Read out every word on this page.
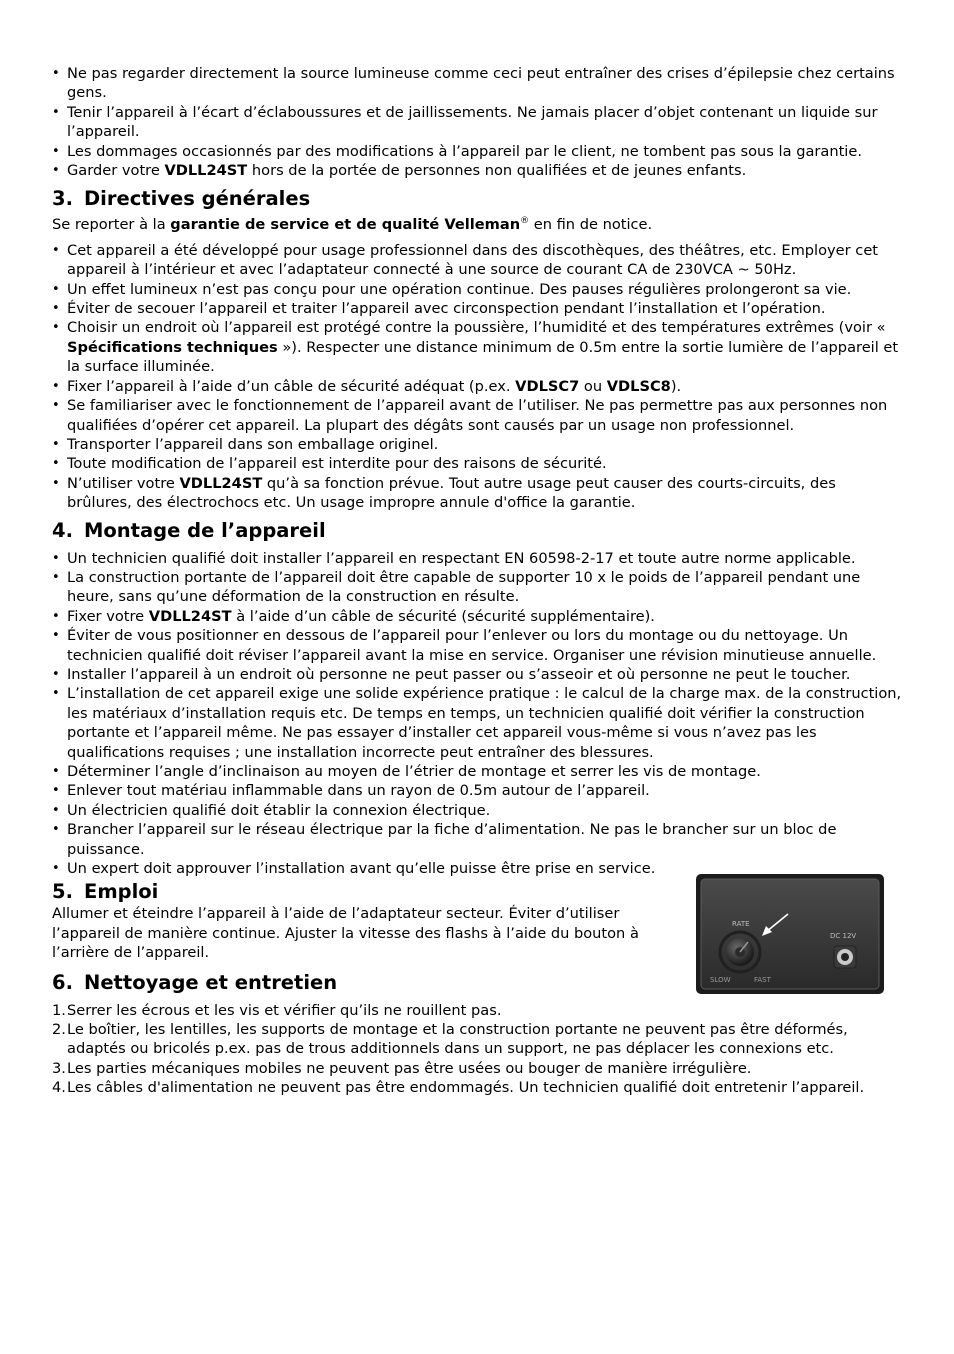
• Ne pas regarder directement la source lumineuse comme ceci peut entraîner des crises d’épilepsie chez certains gens.
• Tenir l’appareil à l’écart d’éclaboussures et de jaillissements. Ne jamais placer d’objet contenant un liquide sur l’appareil.
• Les dommages occasionnés par des modifications à l’appareil par le client, ne tombent pas sous la garantie.
• Garder votre VDLL24ST hors de la portée de personnes non qualifiées et de jeunes enfants.
3. Directives générales

Se reporter à la garantie de service et de qualité Velleman® en fin de notice.

• Cet appareil a été développé pour usage professionnel dans des discothèques, des théâtres, etc. Employer cet appareil à l’intérieur et avec l’adaptateur connecté à une source de courant CA de 230VCA ~ 50Hz.
• Un effet lumineux n’est pas conçu pour une opération continue. Des pauses régulières prolongeront sa vie.
• Éviter de secouer l’appareil et traiter l’appareil avec circonspection pendant l’installation et l’opération.
• Choisir un endroit où l’appareil est protégé contre la poussière, l’humidité et des températures extrêmes (voir « Spécifications techniques »). Respecter une distance minimum de 0.5m entre la sortie lumière de l’appareil et la surface illuminée.
• Fixer l’appareil à l’aide d’un câble de sécurité adéquat (p.ex. VDLSC7 ou VDLSC8).
• Se familiariser avec le fonctionnement de l’appareil avant de l’utiliser. Ne pas permettre pas aux personnes non qualifiées d’opérer cet appareil. La plupart des dégâts sont causés par un usage non professionnel.
• Transporter l’appareil dans son emballage originel.
• Toute modification de l’appareil est interdite pour des raisons de sécurité.
• N’utiliser votre VDLL24ST qu’à sa fonction prévue. Tout autre usage peut causer des courts-circuits, des brûlures, des électrochocs etc. Un usage impropre annule d'office la garantie.
4. Montage de l’appareil
• Un technicien qualifié doit installer l’appareil en respectant EN 60598-2-17 et toute autre norme applicable.
• La construction portante de l’appareil doit être capable de supporter 10 x le poids de l’appareil pendant une heure, sans qu’une déformation de la construction en résulte.
• Fixer votre VDLL24ST à l’aide d’un câble de sécurité (sécurité supplémentaire).
• Éviter de vous positionner en dessous de l’appareil pour l’enlever ou lors du montage ou du nettoyage. Un technicien qualifié doit réviser l’appareil avant la mise en service. Organiser une révision minutieuse annuelle.
• Installer l’appareil à un endroit où personne ne peut passer ou s’asseoir et où personne ne peut le toucher.
• L’installation de cet appareil exige une solide expérience pratique : le calcul de la charge max. de la construction, les matériaux d’installation requis etc. De temps en temps, un technicien qualifié doit vérifier la construction portante et l’appareil même. Ne pas essayer d’installer cet appareil vous-même si vous n’avez pas les qualifications requises ; une installation incorrecte peut entraîner des blessures.
• Déterminer l’angle d’inclinaison au moyen de l’étrier de montage et serrer les vis de montage.
• Enlever tout matériau inflammable dans un rayon de 0.5m autour de l’appareil.
• Un électricien qualifié doit établir la connexion électrique.
• Brancher l’appareil sur le réseau électrique par la fiche d’alimentation. Ne pas le brancher sur un bloc de puissance.
• Un expert doit approuver l’installation avant qu’elle puisse être prise en service.
RATE
SLOW	FAST
DC 12V
5. Emploi

Allumer et éteindre l’appareil à l’aide de l’adaptateur secteur. Éviter d’utiliser l’appareil de manière continue. Ajuster la vitesse des flashs à l’aide du bouton à l’arrière de l’appareil.

6. Nettoyage et entretien
1. Serrer les écrous et les vis et vérifier qu’ils ne rouillent pas.
2. Le boîtier, les lentilles, les supports de montage et la construction portante ne peuvent pas être déformés, adaptés ou bricolés p.ex. pas de trous additionnels dans un support, ne pas déplacer les connexions etc.
3. Les parties mécaniques mobiles ne peuvent pas être usées ou bouger de manière irrégulière.
4. Les câbles d'alimentation ne peuvent pas être endommagés. Un technicien qualifié doit entretenir l’appareil.
